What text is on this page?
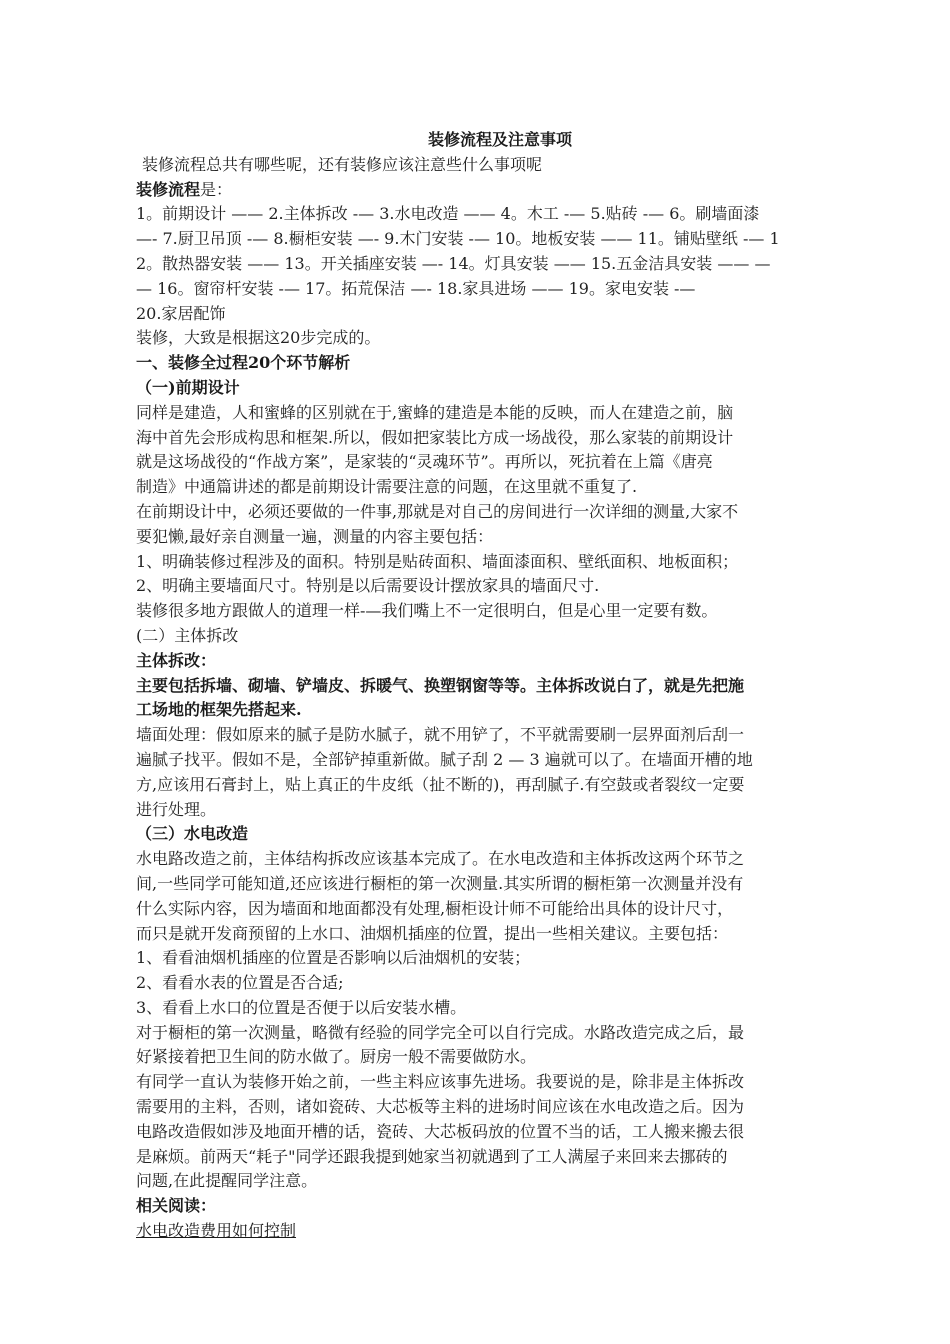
装修流程及注意事项

装修流程总共有哪些呢，还有装修应该注意些什么事项呢

装修流程是：

1。前期设计 —— 2.主体拆改 -— 3.水电改造 —— 4。木工 -— 5.贴砖 -— 6。刷墙面漆

—- 7.厨卫吊顶 -— 8.橱柜安装 —- 9.木门安装 -— 10。地板安装 —— 11。铺贴壁纸 -— 1

2。散热器安装 —— 13。开关插座安装 —- 14。灯具安装 —— 15.五金洁具安装 —— —

— 16。窗帘杆安装 -— 17。拓荒保洁 —- 18.家具进场 —— 19。家电安装 -—

20.家居配饰

装修，大致是根据这20步完成的。

一、装修全过程20个环节解析

（一)前期设计

同样是建造，人和蜜蜂的区别就在于,蜜蜂的建造是本能的反映，而人在建造之前，脑

海中首先会形成构思和框架.所以，假如把家装比方成一场战役，那么家装的前期设计

就是这场战役的“作战方案”，是家装的“灵魂环节”。再所以，死抗着在上篇《唐亮

制造》中通篇讲述的都是前期设计需要注意的问题，在这里就不重复了.

在前期设计中，必须还要做的一件事,那就是对自己的房间进行一次详细的测量,大家不

要犯懒,最好亲自测量一遍，测量的内容主要包括：

1、明确装修过程涉及的面积。特别是贴砖面积、墙面漆面积、壁纸面积、地板面积；

2、明确主要墙面尺寸。特别是以后需要设计摆放家具的墙面尺寸.

装修很多地方跟做人的道理一样-—我们嘴上不一定很明白，但是心里一定要有数。

(二）主体拆改

主体拆改：

主要包括拆墙、砌墙、铲墙皮、拆暖气、换塑钢窗等等。主体拆改说白了，就是先把施

工场地的框架先搭起来.

墙面处理：假如原来的腻子是防水腻子，就不用铲了，不平就需要刷一层界面剂后刮一

遍腻子找平。假如不是，全部铲掉重新做。腻子刮 2 — 3 遍就可以了。在墙面开槽的地

方,应该用石膏封上，贴上真正的牛皮纸（扯不断的)，再刮腻子.有空鼓或者裂纹一定要

进行处理。

（三）水电改造

水电路改造之前，主体结构拆改应该基本完成了。在水电改造和主体拆改这两个环节之

间,一些同学可能知道,还应该进行橱柜的第一次测量.其实所谓的橱柜第一次测量并没有

什么实际内容，因为墙面和地面都没有处理,橱柜设计师不可能给出具体的设计尺寸，

而只是就开发商预留的上水口、油烟机插座的位置，提出一些相关建议。主要包括：

1、看看油烟机插座的位置是否影响以后油烟机的安装；

2、看看水表的位置是否合适;

3、看看上水口的位置是否便于以后安装水槽。

对于橱柜的第一次测量，略微有经验的同学完全可以自行完成。水路改造完成之后，最

好紧接着把卫生间的防水做了。厨房一般不需要做防水。

有同学一直认为装修开始之前，一些主料应该事先进场。我要说的是，除非是主体拆改

需要用的主料，否则，诸如瓷砖、大芯板等主料的进场时间应该在水电改造之后。因为

电路改造假如涉及地面开槽的话，瓷砖、大芯板码放的位置不当的话，工人搬来搬去很

是麻烦。前两天“耗子"同学还跟我提到她家当初就遇到了工人满屋子来回来去挪砖的

问题,在此提醒同学注意。

相关阅读：

水电改造费用如何控制
